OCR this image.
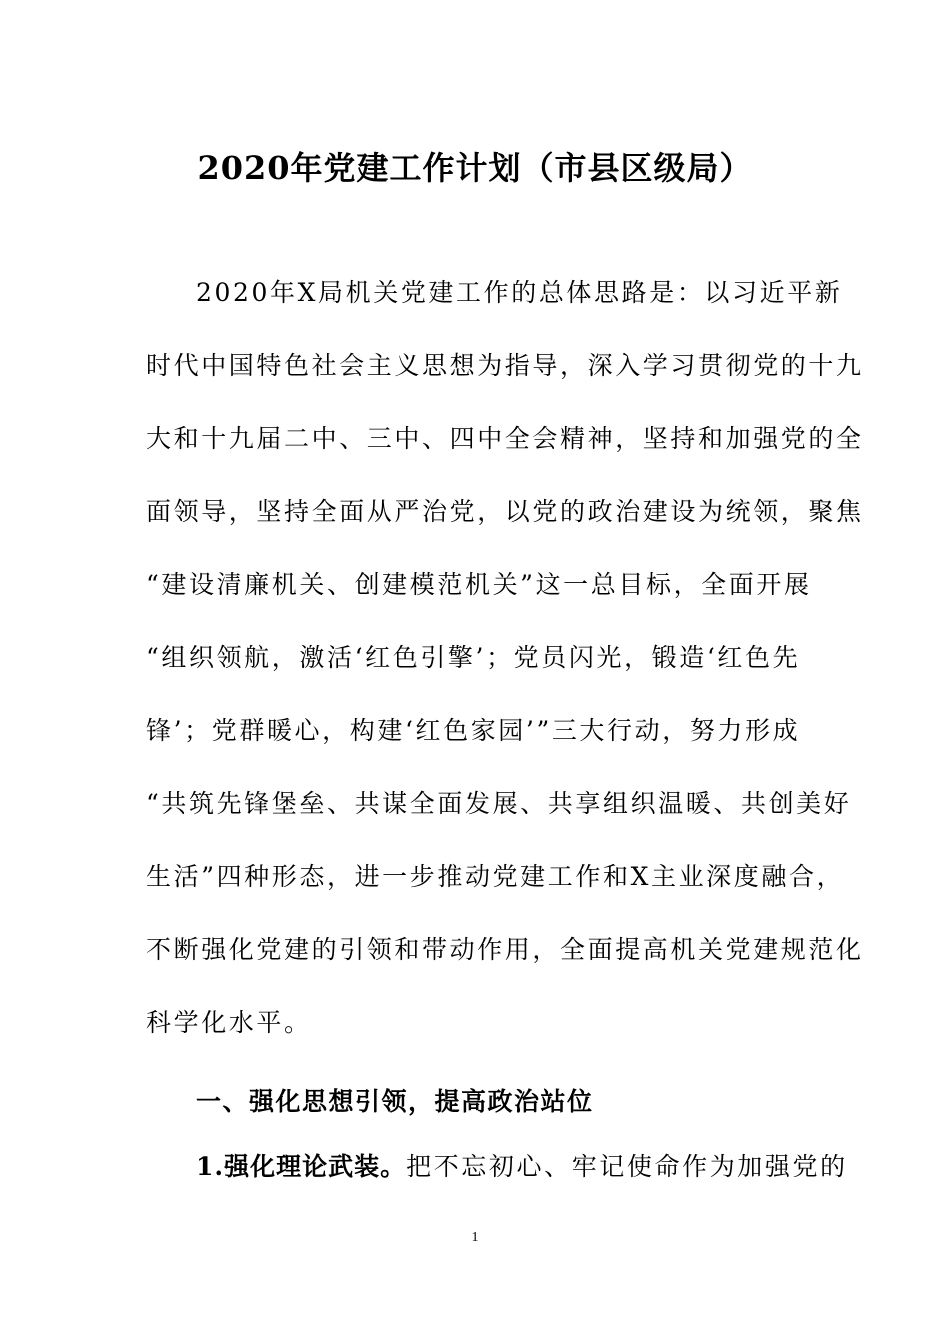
2020年党建工作计划（市县区级局）
2020年X局机关党建工作的总体思路是：以习近平新
时代中国特色社会主义思想为指导，深入学习贯彻党的十九
大和十九届二中、三中、四中全会精神，坚持和加强党的全
面领导，坚持全面从严治党，以党的政治建设为统领，聚焦
“建设清廉机关、创建模范机关”这一总目标，全面开展
“组织领航，激活‘红色引擎’；党员闪光，锻造‘红色先
锋’；党群暖心，构建‘红色家园’”三大行动，努力形成
“共筑先锋堡垒、共谋全面发展、共享组织温暖、共创美好
生活”四种形态，进一步推动党建工作和X主业深度融合，
不断强化党建的引领和带动作用，全面提高机关党建规范化
科学化水平。
一、强化思想引领，提高政治站位

1.强化理论武装。把不忘初心、牢记使命作为加强党的

1
